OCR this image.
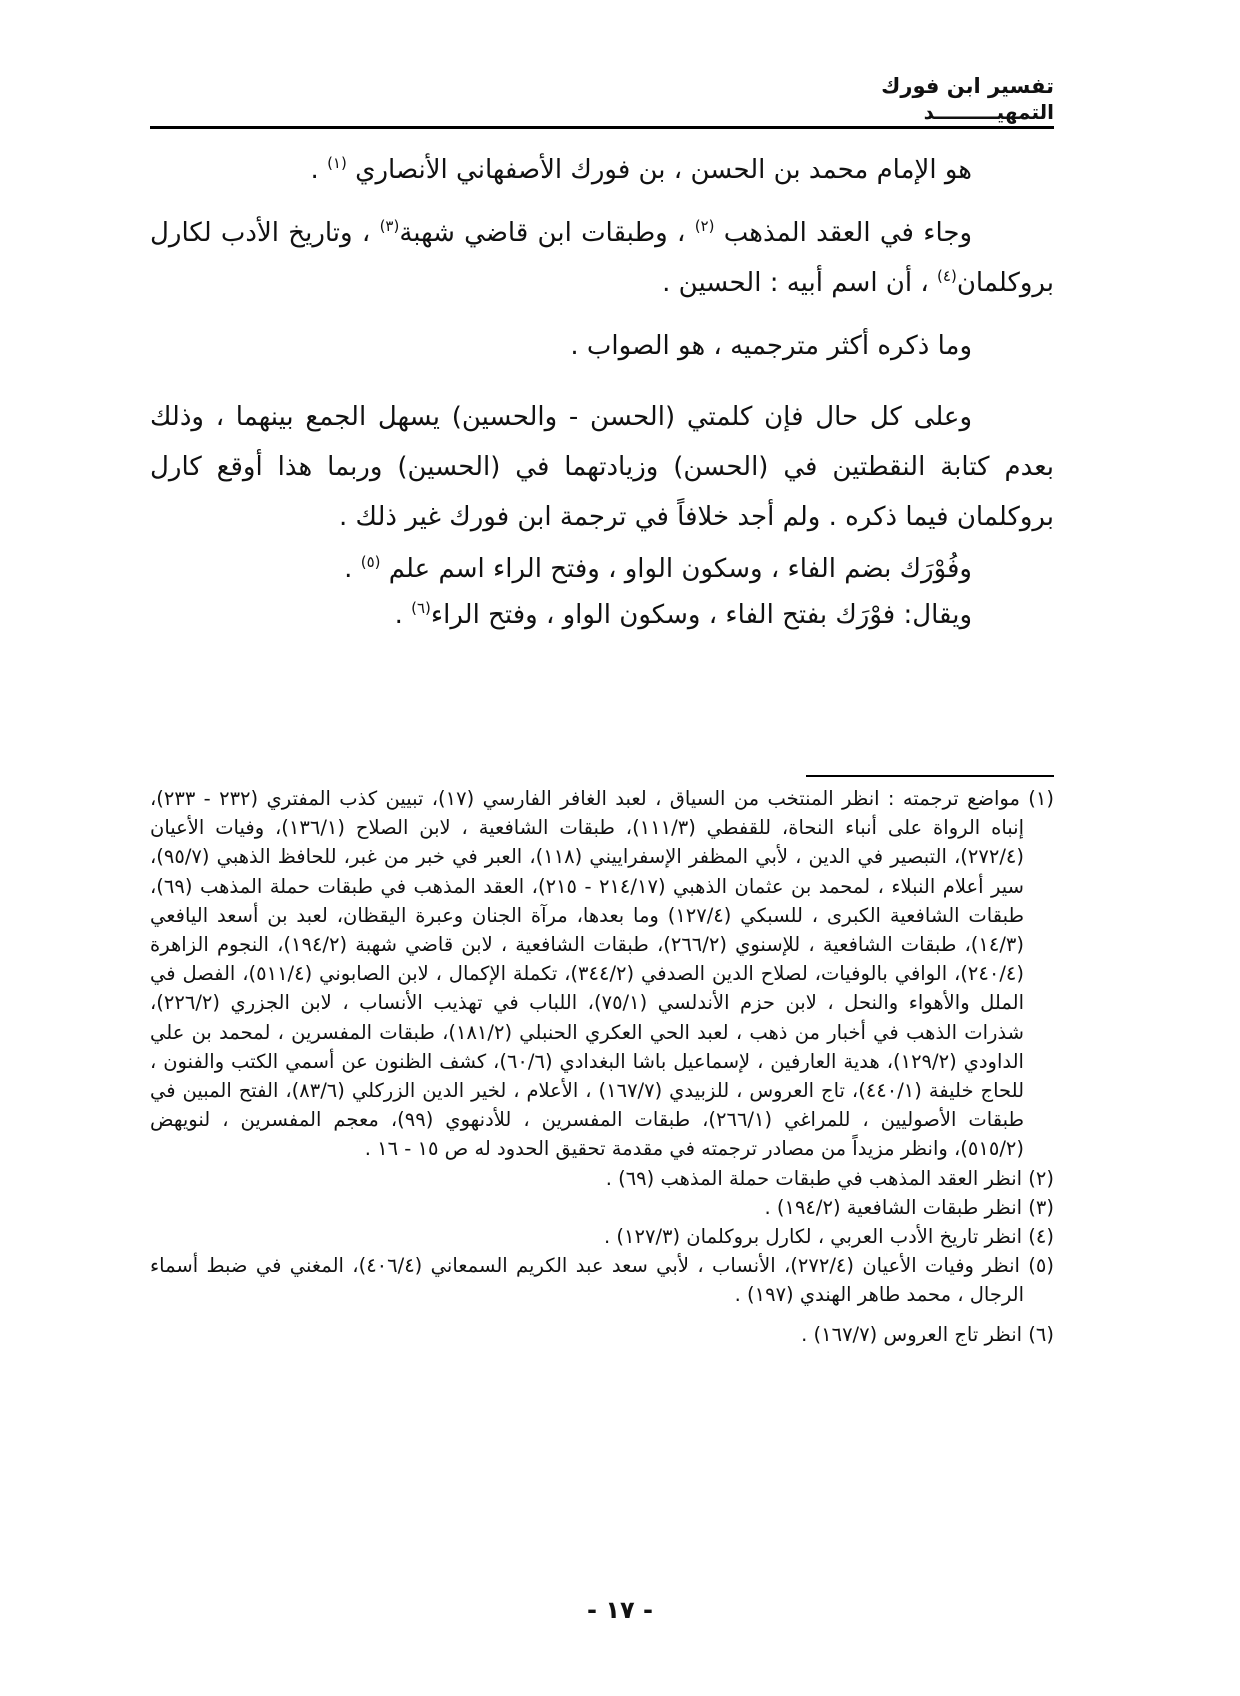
تفسير ابن فورك
التمهيـــــــــد

هو الإمام محمد بن الحسن ، بن فورك الأصفهاني الأنصاري $^{(١)}$ .

وجاء في العقد المذهب $^{(٢)}$ ، وطبقات ابن قاضي شهبة$^{(٣)}$ ، وتاريخ الأدب لكارل بروكلمان$^{(٤)}$ ، أن اسم أبيه : الحسين .

وما ذكره أكثر مترجميه ، هو الصواب .

وعلى كل حال فإن كلمتي (الحسن - والحسين) يسهل الجمع بينهما ، وذلك بعدم كتابة النقطتين في (الحسن) وزيادتهما في (الحسين) وربما هذا أوقع كارل بروكلمان فيما ذكره . ولم أجد خلافاً في ترجمة ابن فورك غير ذلك .

وفُوْرَك بضم الفاء ، وسكون الواو ، وفتح الراء اسم علم $^{(٥)}$ .

ويقال: فوْرَك بفتح الفاء ، وسكون الواو ، وفتح الراء$^{(٦)}$ .

(١) مواضع ترجمته : انظر المنتخب من السياق ، لعبد الغافر الفارسي (١٧)، تبيين كذب المفتري (٢٣٢ - ٢٣٣)، إنباه الرواة على أنباء النحاة، للقفطي (١١١/٣)، طبقات الشافعية ، لابن الصلاح (١٣٦/١)، وفيات الأعيان (٢٧٢/٤)، التبصير في الدين ، لأبي المظفر الإسفراييني (١١٨)، العبر في خبر من غبر، للحافظ الذهبي (٩٥/٧)، سير أعلام النبلاء ، لمحمد بن عثمان الذهبي (٢١٤/١٧ - ٢١٥)، العقد المذهب في طبقات حملة المذهب (٦٩)، طبقات الشافعية الكبرى ، للسبكي (١٢٧/٤) وما بعدها، مرآة الجنان وعبرة اليقظان، لعبد بن أسعد اليافعي (١٤/٣)، طبقات الشافعية ، للإسنوي (٢٦٦/٢)، طبقات الشافعية ، لابن قاضي شهبة (١٩٤/٢)، النجوم الزاهرة (٢٤٠/٤)، الوافي بالوفيات، لصلاح الدين الصدفي (٣٤٤/٢)، تكملة الإكمال ، لابن الصابوني (٥١١/٤)، الفصل في الملل والأهواء والنحل ، لابن حزم الأندلسي (٧٥/١)، اللباب في تهذيب الأنساب ، لابن الجزري (٢٢٦/٢)، شذرات الذهب في أخبار من ذهب ، لعبد الحي العكري الحنبلي (١٨١/٢)، طبقات المفسرين ، لمحمد بن علي الداودي (١٢٩/٢)، هدية العارفين ، لإسماعيل باشا البغدادي (٦٠/٦)، كشف الظنون عن أسمي الكتب والفنون ، للحاج خليفة (٤٤٠/١)، تاج العروس ، للزبيدي (١٦٧/٧) ، الأعلام ، لخير الدين الزركلي (٨٣/٦)، الفتح المبين في طبقات الأصوليين ، للمراغي (٢٦٦/١)، طبقات المفسرين ، للأدنهوي (٩٩)، معجم المفسرين ، لنويهض (٥١٥/٢)، وانظر مزيداً من مصادر ترجمته في مقدمة تحقيق الحدود له ص ١٥ - ١٦ .

(٢) انظر العقد المذهب في طبقات حملة المذهب (٦٩) .

(٣) انظر طبقات الشافعية (١٩٤/٢) .

(٤) انظر تاريخ الأدب العربي ، لكارل بروكلمان (١٢٧/٣) .

(٥) انظر وفيات الأعيان (٢٧٢/٤)، الأنساب ، لأبي سعد عبد الكريم السمعاني (٤٠٦/٤)، المغني في ضبط أسماء الرجال ، محمد طاهر الهندي (١٩٧) .

(٦) انظر تاج العروس (١٦٧/٧) .

- ١٧ -
